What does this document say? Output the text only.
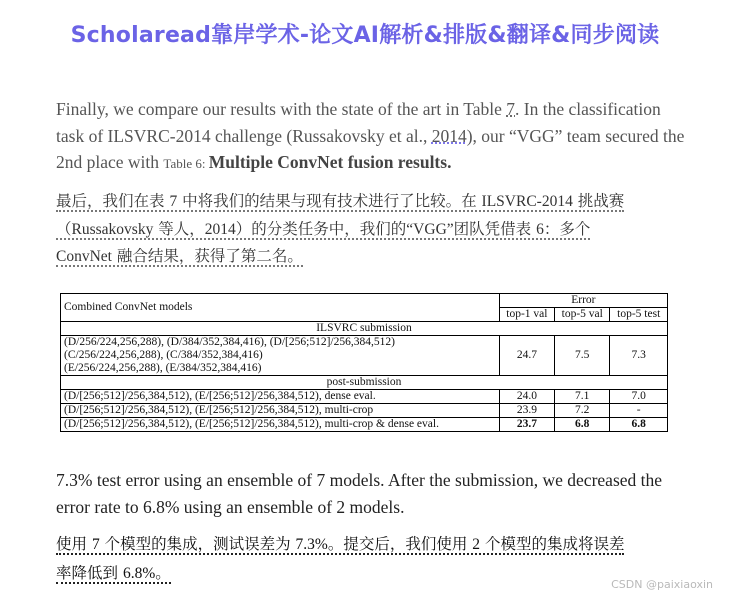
Scholaread靠岸学术-论文AI解析&排版&翻译&同步阅读
Finally, we compare our results with the state of the art in Table 7. In the classification task of ILSVRC-2014 challenge (Russakovsky et al., 2014), our “VGG” team secured the 2nd place with Table 6: Multiple ConvNet fusion results.
最后，我们在表 7 中将我们的结果与现有技术进行了比较。在 ILSVRC-2014 挑战赛
（Russakovsky 等人，2014）的分类任务中，我们的“VGG”团队凭借表 6：多个
ConvNet 融合结果，获得了第二名。
Combined ConvNet models	Error		
	top-1 val	top-5 val	top-5 test
ILSVRC submission			
(D/256/224,256,288), (D/384/352,384,416), (D/[256;512]/256,384,512)
(C/256/224,256,288), (C/384/352,384,416)
(E/256/224,256,288), (E/384/352,384,416)	24.7	7.5	7.3
post-submission			
(D/[256;512]/256,384,512), (E/[256;512]/256,384,512), dense eval.	24.0	7.1	7.0
(D/[256;512]/256,384,512), (E/[256;512]/256,384,512), multi-crop	23.9	7.2	-
(D/[256;512]/256,384,512), (E/[256;512]/256,384,512), multi-crop & dense eval.	23.7	6.8	6.8
7.3% test error using an ensemble of 7 models. After the submission, we decreased the error rate to 6.8% using an ensemble of 2 models.
使用 7 个模型的集成，测试误差为 7.3%。提交后，我们使用 2 个模型的集成将误差
率降低到 6.8%。
CSDN @paixiaoxin
